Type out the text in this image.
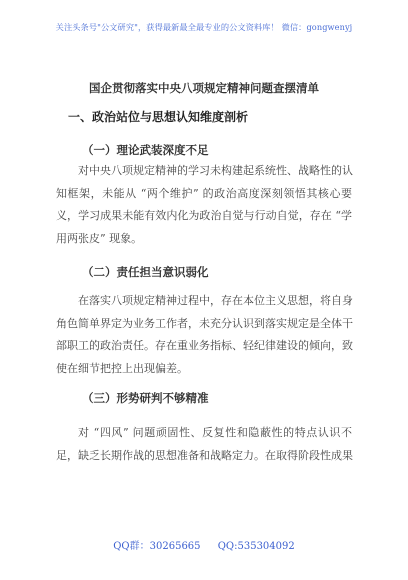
关注头条号"公文研究"，获得最新最全最专业的公文资料库！ 微信：gongwenyj
国企贯彻落实中央八项规定精神问题查摆清单
一、政治站位与思想认知维度剖析
（一）理论武装深度不足
对中央八项规定精神的学习未构建起系统性、战略性的认
知框架，未能从 “两个维护” 的政治高度深刻领悟其核心要
义，学习成果未能有效内化为政治自觉与行动自觉，存在 “学
用两张皮” 现象。
（二）责任担当意识弱化
在落实八项规定精神过程中，存在本位主义思想，将自身
角色简单界定为业务工作者，未充分认识到落实规定是全体干
部职工的政治责任。存在重业务指标、轻纪律建设的倾向，致
使在细节把控上出现偏差。
（三）形势研判不够精准
对 “四风” 问题顽固性、反复性和隐蔽性的特点认识不
足，缺乏长期作战的思想准备和战略定力。在取得阶段性成果
QQ群：30265665 QQ:535304092
